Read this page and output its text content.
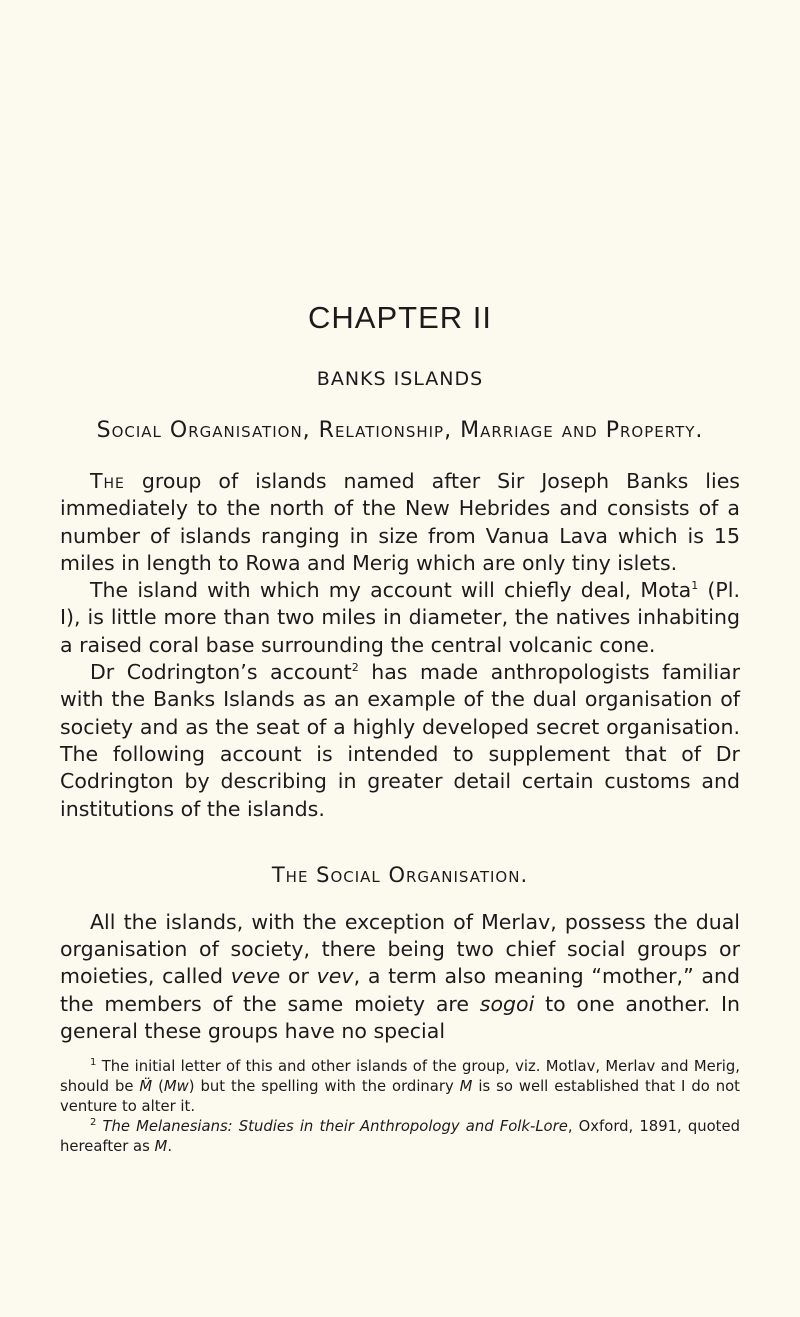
CHAPTER II
BANKS ISLANDS
Social Organisation, Relationship, Marriage and Property.

The group of islands named after Sir Joseph Banks lies immediately to the north of the New Hebrides and consists of a number of islands ranging in size from Vanua Lava which is 15 miles in length to Rowa and Merig which are only tiny islets.

The island with which my account will chiefly deal, Mota$^1$ (Pl. I), is little more than two miles in diameter, the natives inhabiting a raised coral base surrounding the central volcanic cone.

Dr Codrington’s account$^2$ has made anthropologists familiar with the Banks Islands as an example of the dual organisation of society and as the seat of a highly developed secret organisation. The following account is intended to supplement that of Dr Codrington by describing in greater detail certain customs and institutions of the islands.

The Social Organisation.

All the islands, with the exception of Merlav, possess the dual organisation of society, there being two chief social groups or moieties, called veve or vev, a term also meaning “mother,” and the members of the same moiety are sogoi to one another. In general these groups have no special

$^1$ The initial letter of this and other islands of the group, viz. Motlav, Merlav and Merig, should be M̈ (Mw) but the spelling with the ordinary M is so well established that I do not venture to alter it.

$^2$ The Melanesians: Studies in their Anthropology and Folk-Lore, Oxford, 1891, quoted hereafter as M.
